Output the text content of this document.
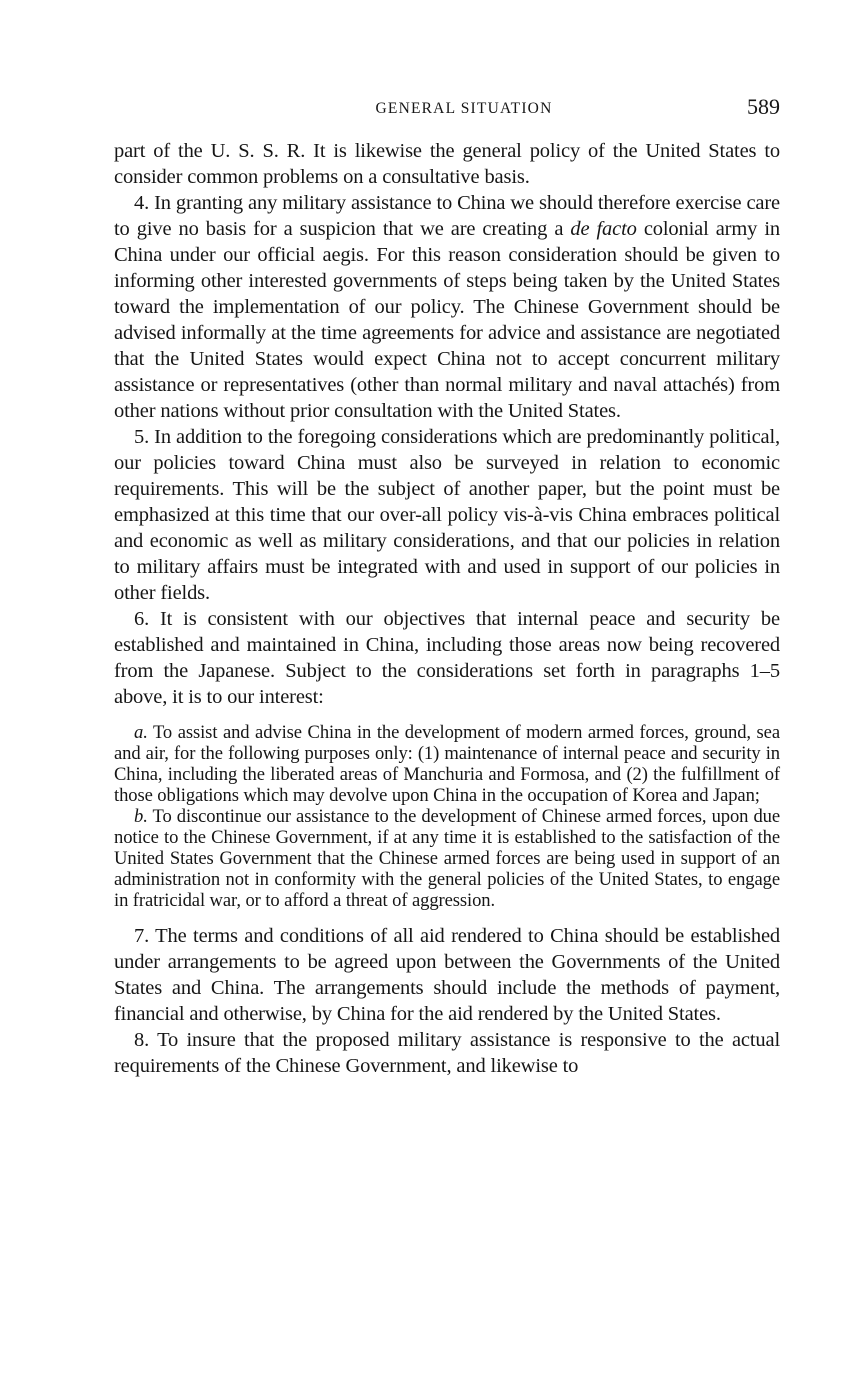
GENERAL SITUATION	589

part of the U. S. S. R. It is likewise the general policy of the United States to consider common problems on a consultative basis.

4. In granting any military assistance to China we should therefore exercise care to give no basis for a suspicion that we are creating a de facto colonial army in China under our official aegis. For this reason consideration should be given to informing other interested governments of steps being taken by the United States toward the implementation of our policy. The Chinese Government should be advised informally at the time agreements for advice and assistance are negotiated that the United States would expect China not to accept concurrent military assistance or representatives (other than normal military and naval attachés) from other nations without prior consultation with the United States.

5. In addition to the foregoing considerations which are predominantly political, our policies toward China must also be surveyed in relation to economic requirements. This will be the subject of another paper, but the point must be emphasized at this time that our over-all policy vis-à-vis China embraces political and economic as well as military considerations, and that our policies in relation to military affairs must be integrated with and used in support of our policies in other fields.

6. It is consistent with our objectives that internal peace and security be established and maintained in China, including those areas now being recovered from the Japanese. Subject to the considerations set forth in paragraphs 1–5 above, it is to our interest:

a. To assist and advise China in the development of modern armed forces, ground, sea and air, for the following purposes only: (1) maintenance of internal peace and security in China, including the liberated areas of Manchuria and Formosa, and (2) the fulfillment of those obligations which may devolve upon China in the occupation of Korea and Japan;

b. To discontinue our assistance to the development of Chinese armed forces, upon due notice to the Chinese Government, if at any time it is established to the satisfaction of the United States Government that the Chinese armed forces are being used in support of an administration not in conformity with the general policies of the United States, to engage in fratricidal war, or to afford a threat of aggression.

7. The terms and conditions of all aid rendered to China should be established under arrangements to be agreed upon between the Governments of the United States and China. The arrangements should include the methods of payment, financial and otherwise, by China for the aid rendered by the United States.

8. To insure that the proposed military assistance is responsive to the actual requirements of the Chinese Government, and likewise to
